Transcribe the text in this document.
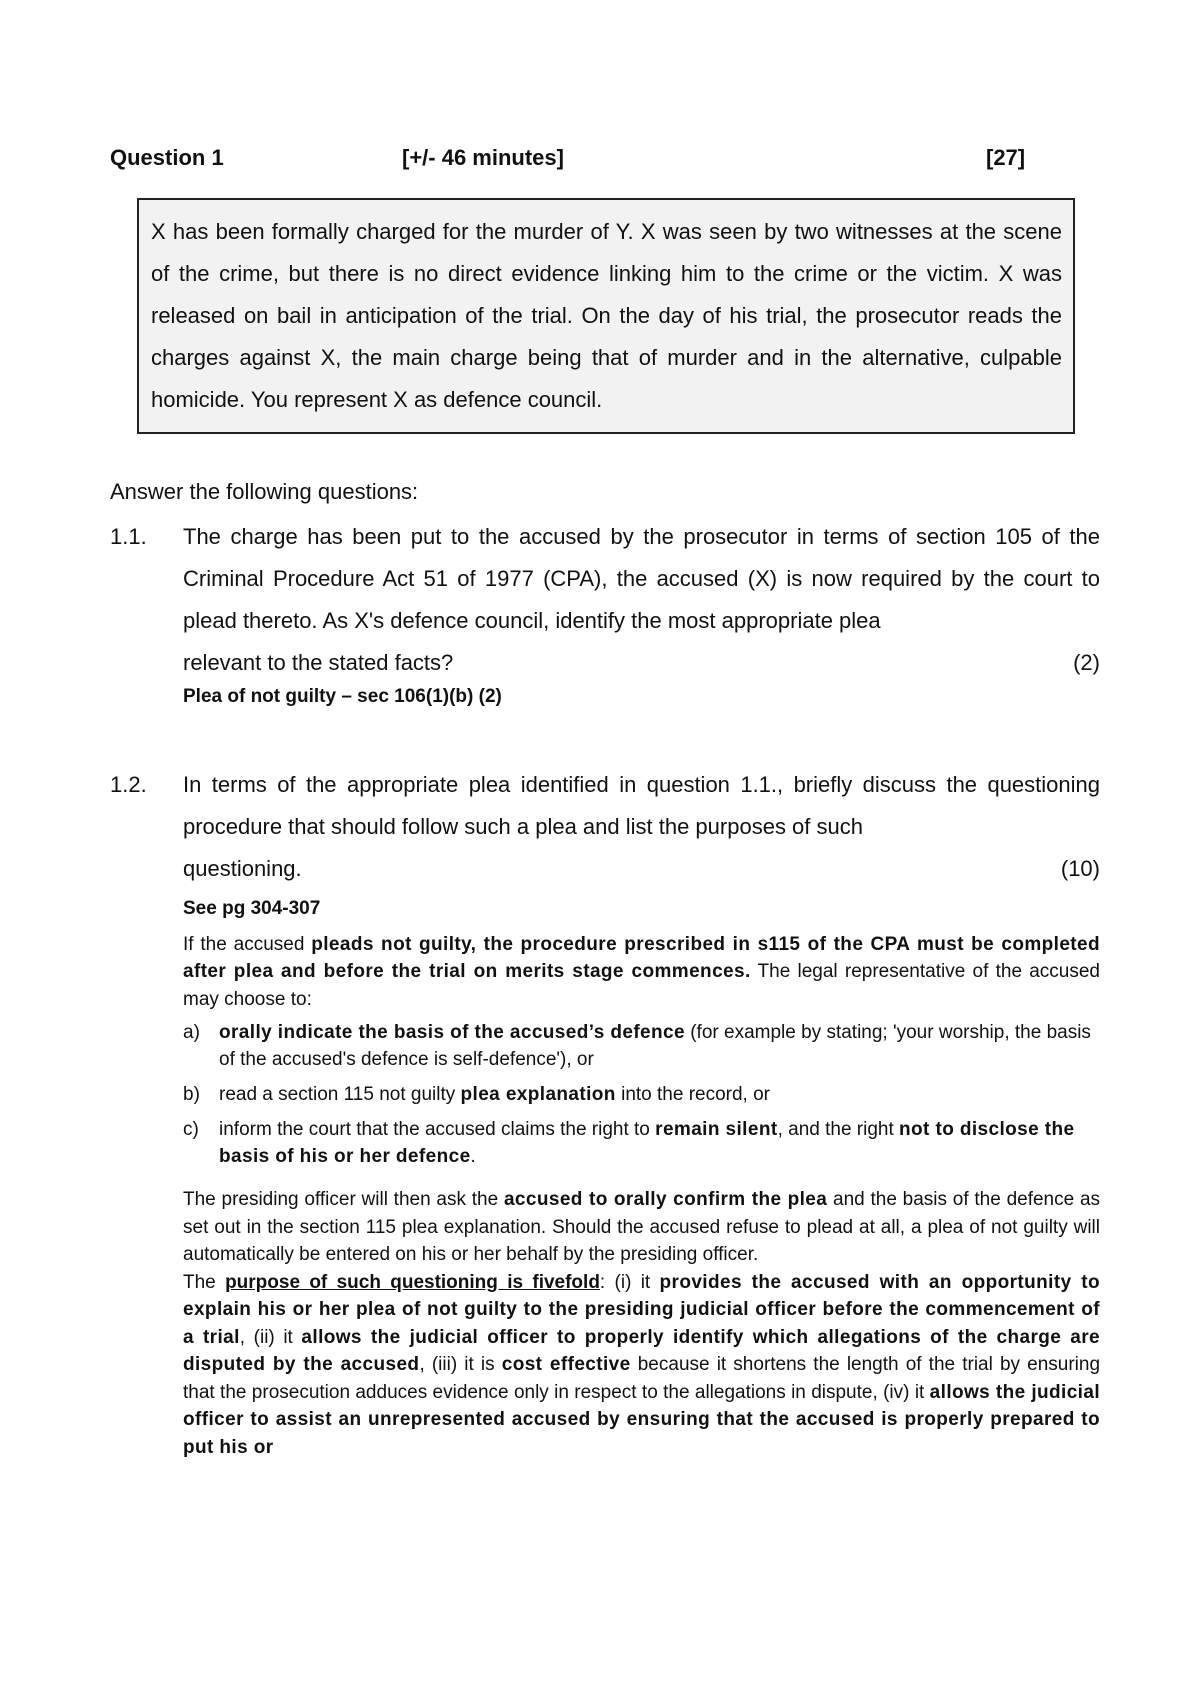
Question 1	[+/- 46 minutes]	[27]
X has been formally charged for the murder of Y. X was seen by two witnesses at the scene of the crime, but there is no direct evidence linking him to the crime or the victim. X was released on bail in anticipation of the trial. On the day of his trial, the prosecutor reads the charges against X, the main charge being that of murder and in the alternative, culpable homicide. You represent X as defence council.
Answer the following questions:
1.1. The charge has been put to the accused by the prosecutor in terms of section 105 of the Criminal Procedure Act 51 of 1977 (CPA), the accused (X) is now required by the court to plead thereto. As X's defence council, identify the most appropriate plea
relevant to the stated facts?	(2)
Plea of not guilty – sec 106(1)(b) (2)
1.2. In terms of the appropriate plea identified in question 1.1., briefly discuss the questioning procedure that should follow such a plea and list the purposes of such
questioning.	(10)

See pg 304-307

If the accused pleads not guilty, the procedure prescribed in s115 of the CPA must be completed after plea and before the trial on merits stage commences. The legal representative of the accused may choose to:

a)	orally indicate the basis of the accused’s defence (for example by stating; 'your worship, the basis of the accused's defence is self-defence'), or
b)	read a section 115 not guilty plea explanation into the record, or
c)	inform the court that the accused claims the right to remain silent, and the right not to disclose the basis of his or her defence.

The presiding officer will then ask the accused to orally confirm the plea and the basis of the defence as set out in the section 115 plea explanation. Should the accused refuse to plead at all, a plea of not guilty will automatically be entered on his or her behalf by the presiding officer.

The purpose of such questioning is fivefold: (i) it provides the accused with an opportunity to explain his or her plea of not guilty to the presiding judicial officer before the commencement of a trial, (ii) it allows the judicial officer to properly identify which allegations of the charge are disputed by the accused, (iii) it is cost effective because it shortens the length of the trial by ensuring that the prosecution adduces evidence only in respect to the allegations in dispute, (iv) it allows the judicial officer to assist an unrepresented accused by ensuring that the accused is properly prepared to put his or
